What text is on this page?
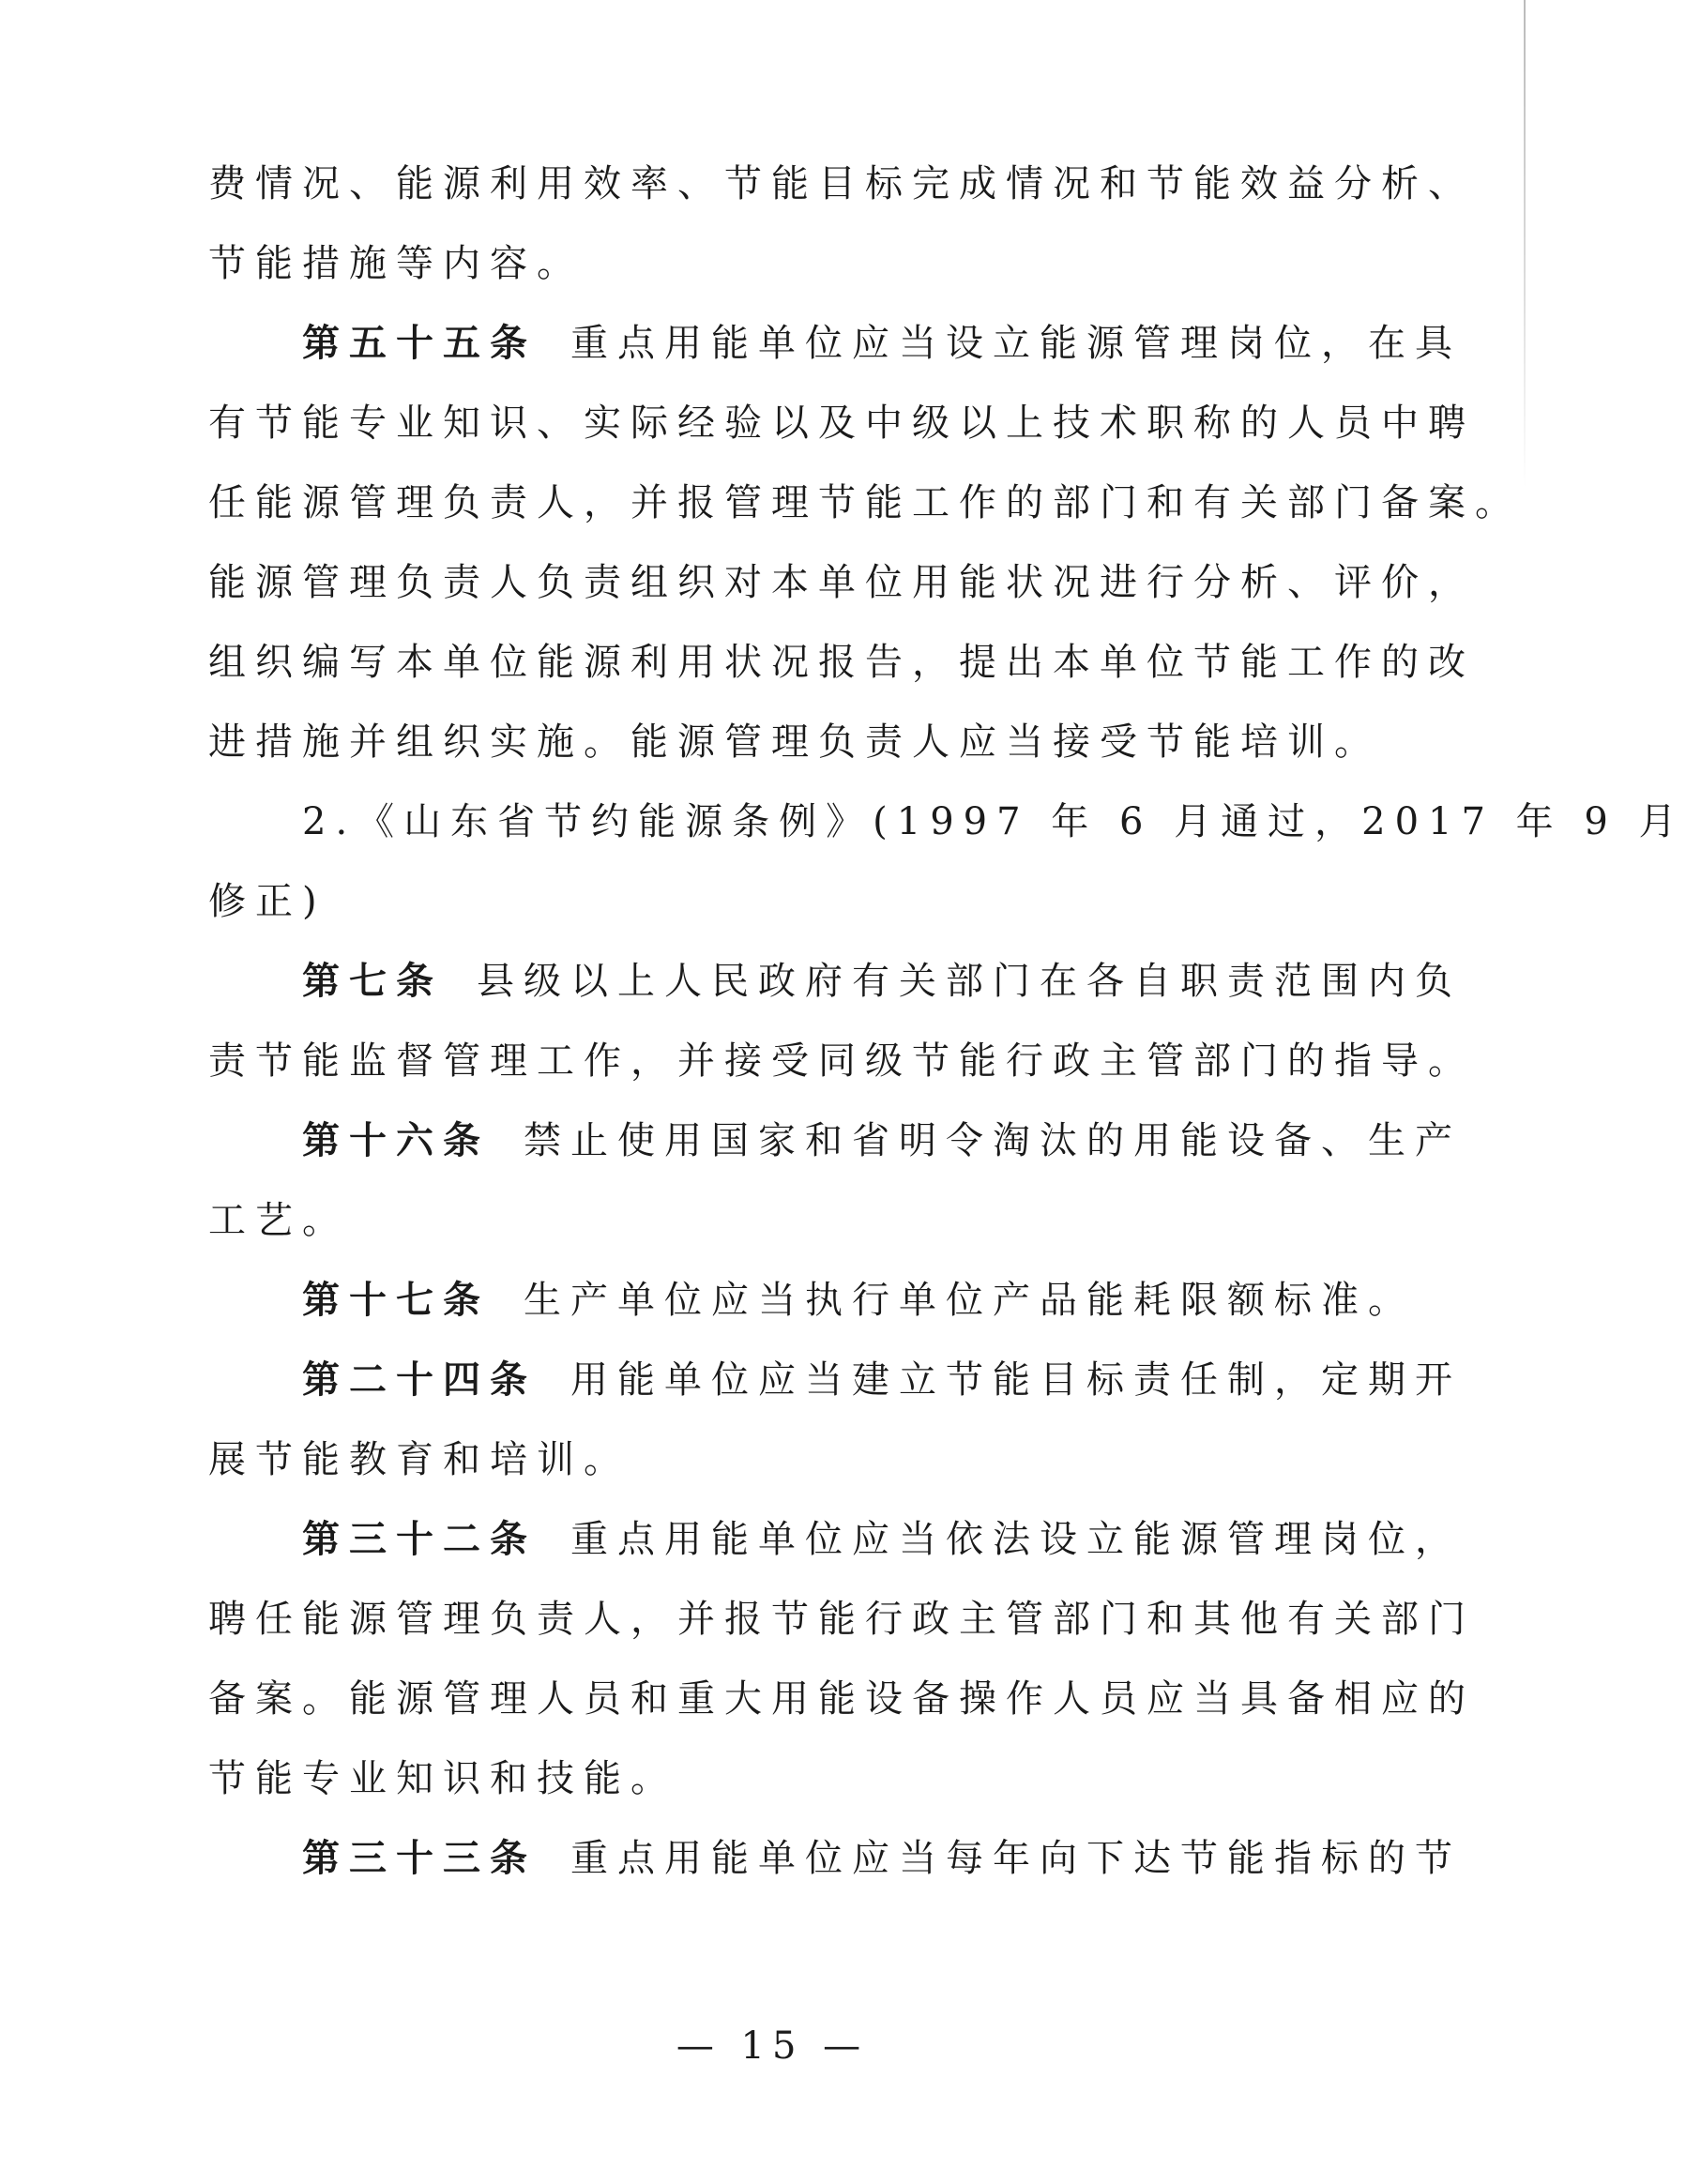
费情况、能源利用效率、节能目标完成情况和节能效益分析、
节能措施等内容。
第五十五条 重点用能单位应当设立能源管理岗位，在具
有节能专业知识、实际经验以及中级以上技术职称的人员中聘
任能源管理负责人，并报管理节能工作的部门和有关部门备案。
能源管理负责人负责组织对本单位用能状况进行分析、评价，
组织编写本单位能源利用状况报告，提出本单位节能工作的改
进措施并组织实施。能源管理负责人应当接受节能培训。
2.《山东省节约能源条例》(1997 年 6 月通过，2017 年 9 月
修正)
第七条 县级以上人民政府有关部门在各自职责范围内负
责节能监督管理工作，并接受同级节能行政主管部门的指导。
第十六条 禁止使用国家和省明令淘汰的用能设备、生产
工艺。
第十七条 生产单位应当执行单位产品能耗限额标准。
第二十四条 用能单位应当建立节能目标责任制，定期开
展节能教育和培训。
第三十二条 重点用能单位应当依法设立能源管理岗位，
聘任能源管理负责人，并报节能行政主管部门和其他有关部门
备案。能源管理人员和重大用能设备操作人员应当具备相应的
节能专业知识和技能。
第三十三条 重点用能单位应当每年向下达节能指标的节
— 15 —
